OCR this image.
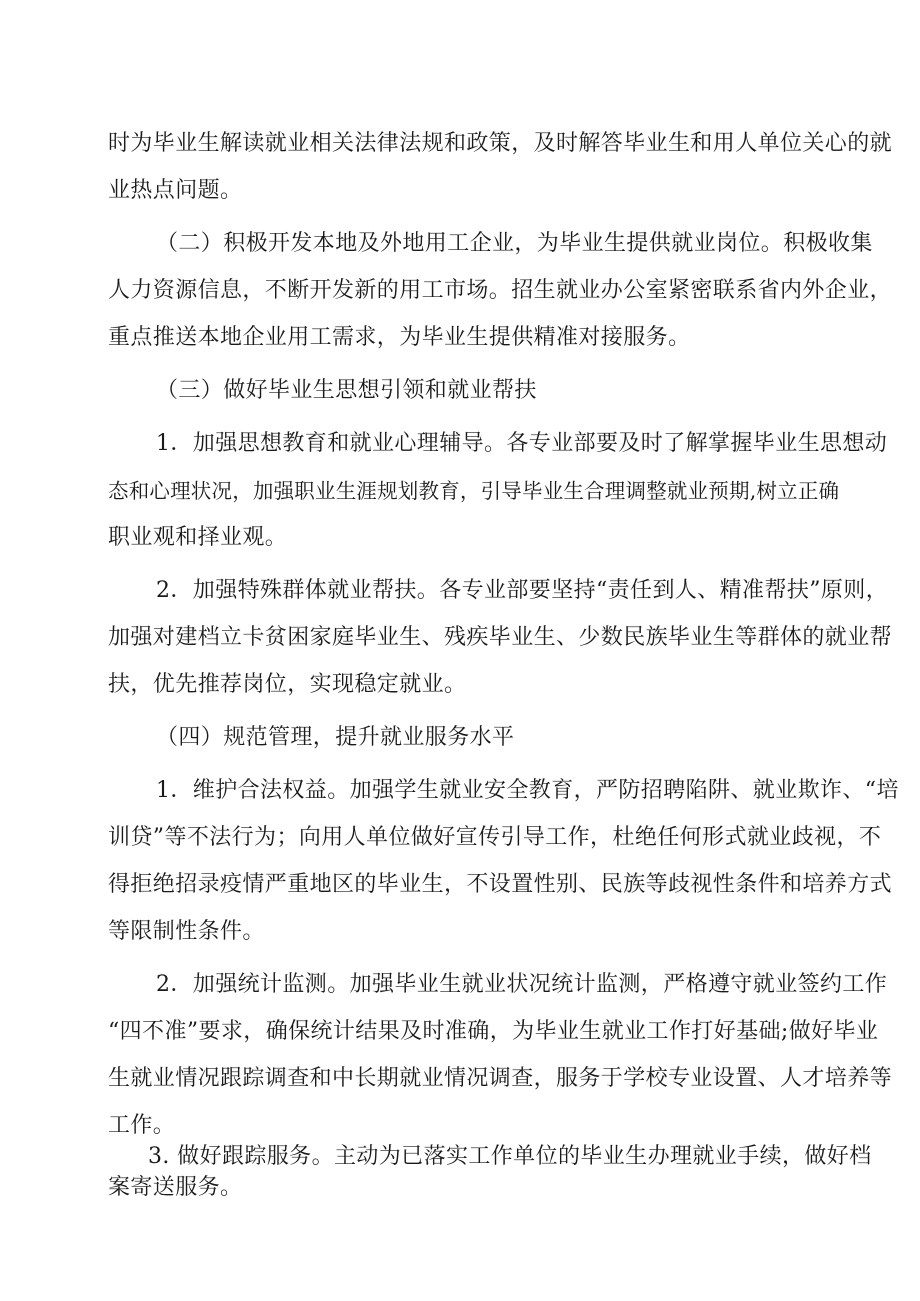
时为毕业生解读就业相关法律法规和政策，及时解答毕业生和用人单位关心的就
业热点问题。
（二）积极开发本地及外地用工企业，为毕业生提供就业岗位。积极收集
人力资源信息，不断开发新的用工市场。招生就业办公室紧密联系省内外企业，
重点推送本地企业用工需求，为毕业生提供精准对接服务。
（三）做好毕业生思想引领和就业帮扶
1．加强思想教育和就业心理辅导。各专业部要及时了解掌握毕业生思想动
态和心理状况，加强职业生涯规划教育，引导毕业生合理调整就业预期,树立正确
职业观和择业观。
2．加强特殊群体就业帮扶。各专业部要坚持“责任到人、精准帮扶”原则，
加强对建档立卡贫困家庭毕业生、残疾毕业生、少数民族毕业生等群体的就业帮
扶，优先推荐岗位，实现稳定就业。
（四）规范管理，提升就业服务水平
1．维护合法权益。加强学生就业安全教育，严防招聘陷阱、就业欺诈、“培
训贷”等不法行为；向用人单位做好宣传引导工作，杜绝任何形式就业歧视，不
得拒绝招录疫情严重地区的毕业生，不设置性别、民族等歧视性条件和培养方式
等限制性条件。
2．加强统计监测。加强毕业生就业状况统计监测，严格遵守就业签约工作
“四不准”要求，确保统计结果及时准确，为毕业生就业工作打好基础;做好毕业
生就业情况跟踪调查和中长期就业情况调查，服务于学校专业设置、人才培养等
工作。
3. 做好跟踪服务。主动为已落实工作单位的毕业生办理就业手续，做好档
案寄送服务。
